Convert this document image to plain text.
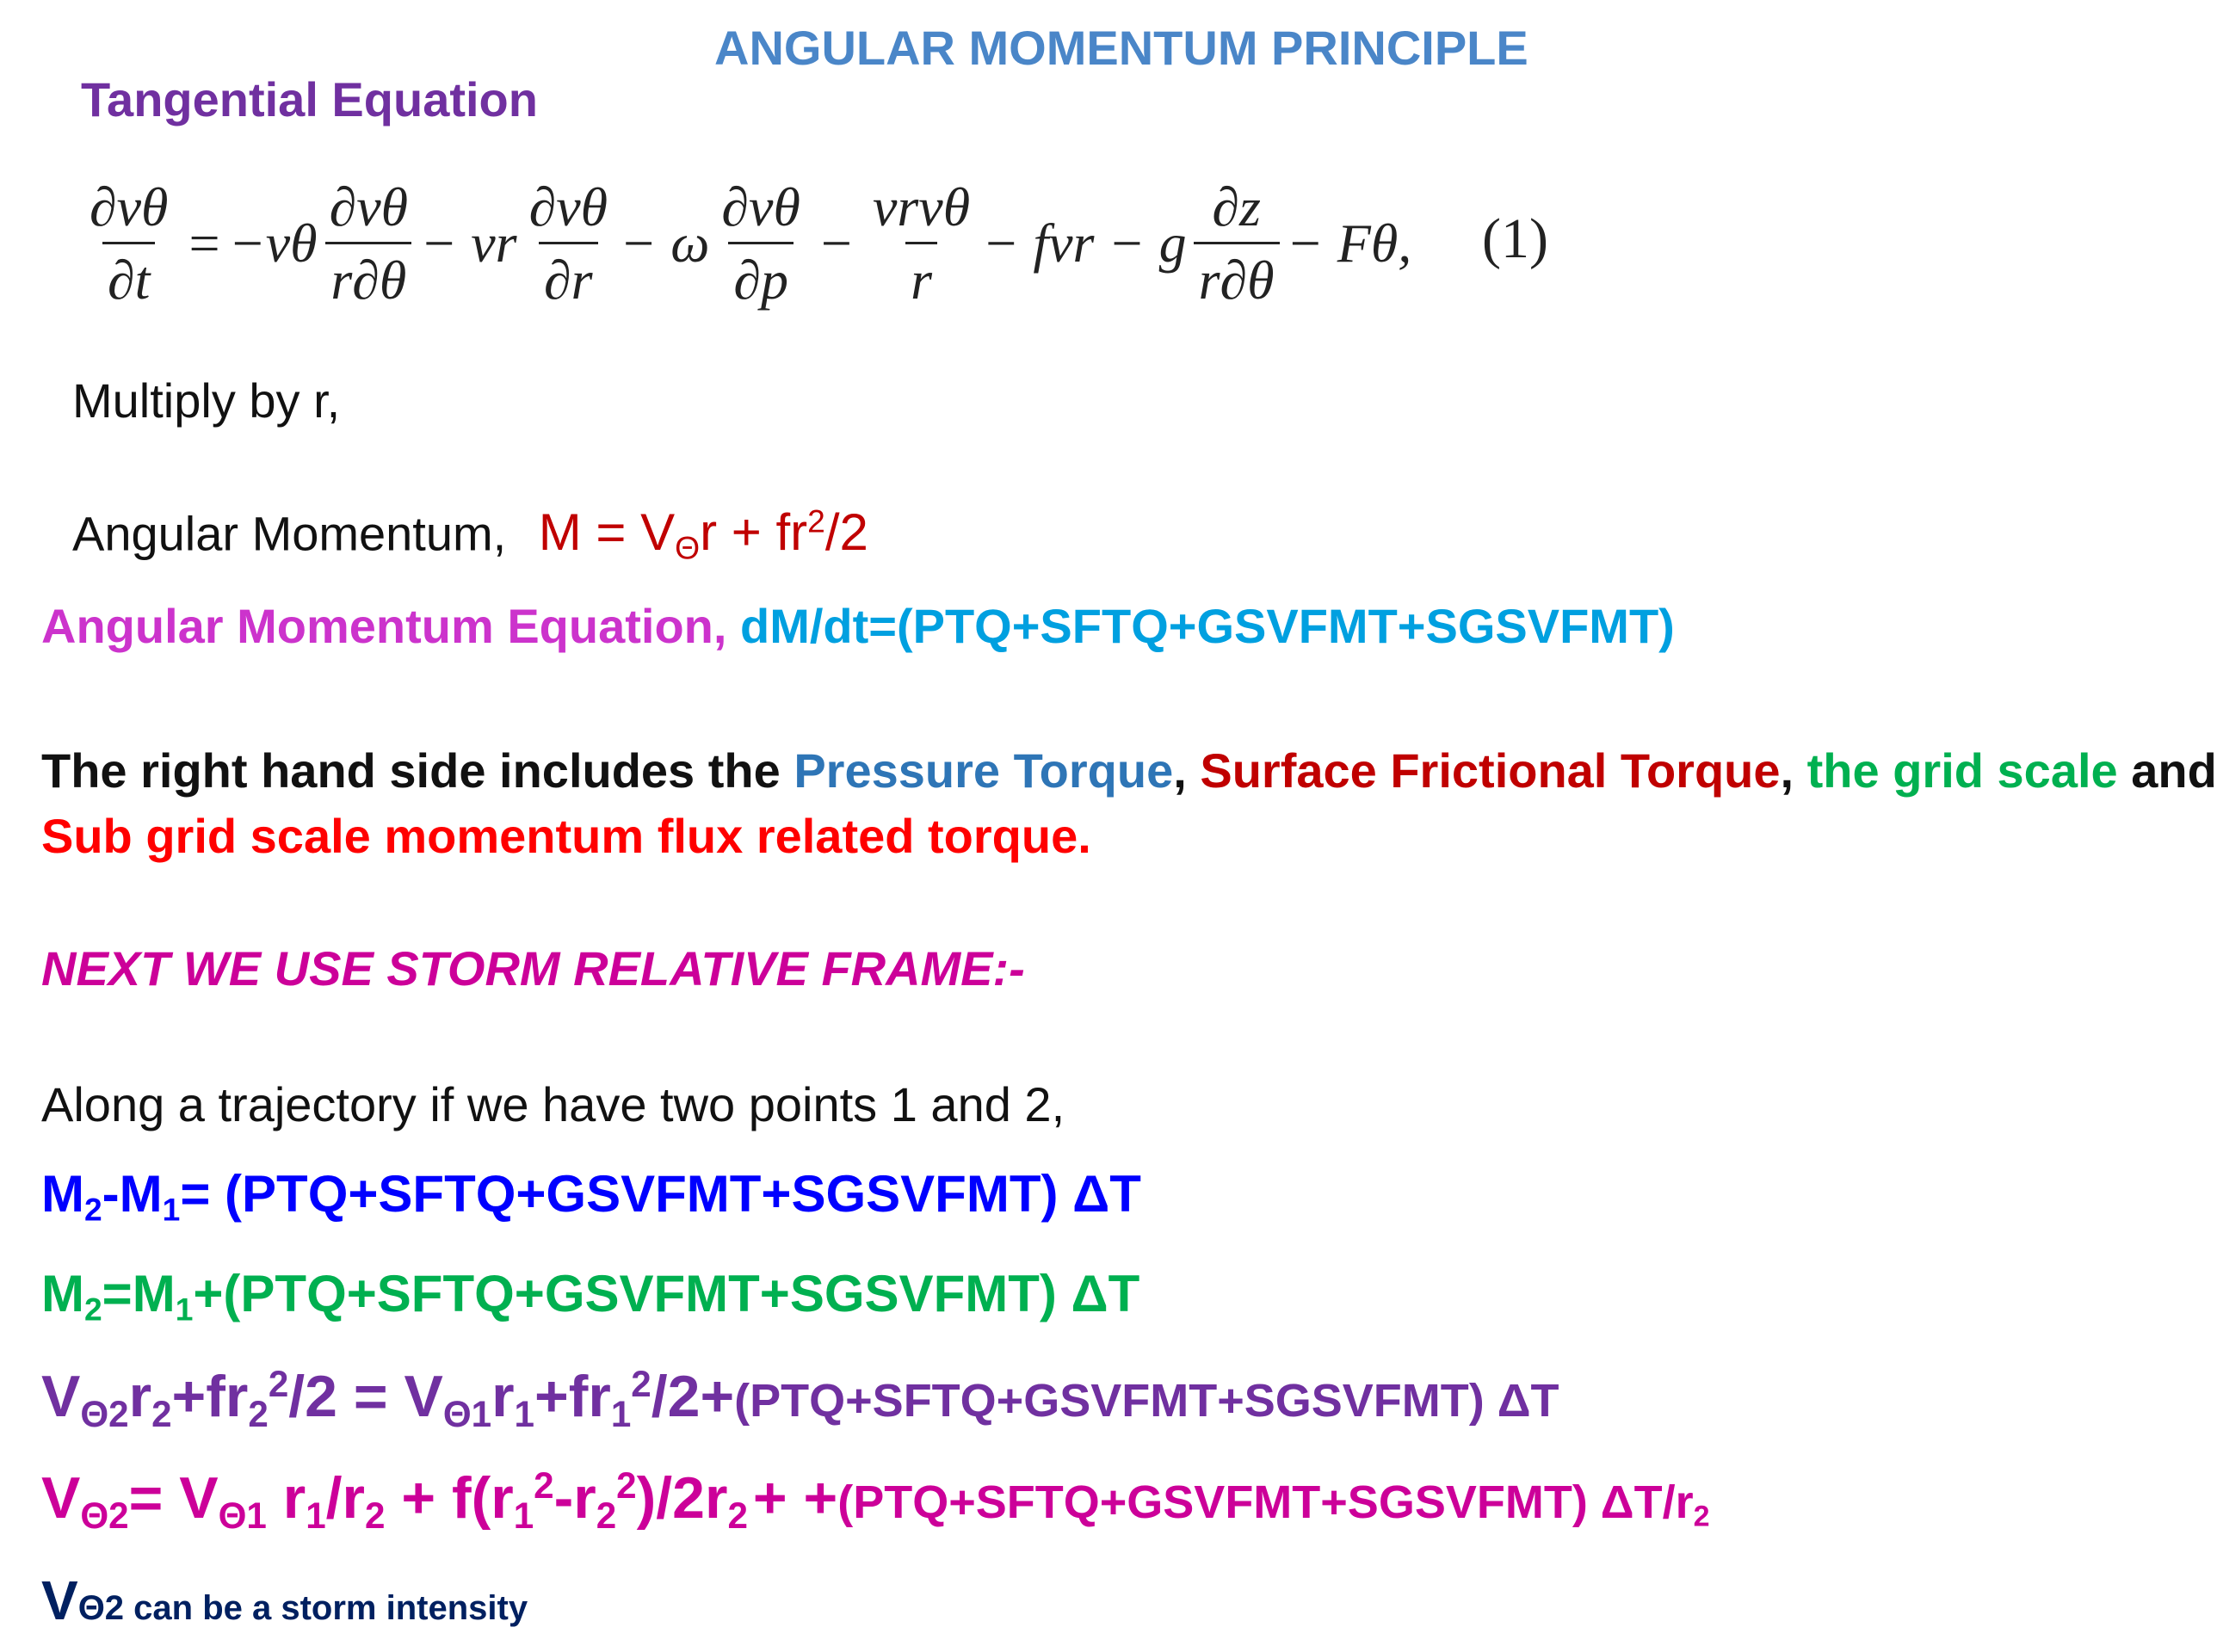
ANGULAR MOMENTUM PRINCIPLE
Tangential Equation
$\frac{\partial v\theta}{\partial t} = -v\theta \frac{\partial v\theta}{r\partial\theta}$ − vr $\frac{\partial v\theta}{\partial r} - \omega \frac{\partial v\theta}{\partial p} - \frac{\text{vrvθ}}{r}$ − fvr − g $\frac{\partial z}{r\partial\theta} - F\theta$, (1)
Multiply by r,
Angular Momentum, $M = V_\Theta r + fr^2/2$
Angular Momentum Equation, dM/dt=(PTQ+SFTQ+GSVFMT+SGSVFMT)
The right hand side includes the Pressure Torque, Surface Frictional Torque, the grid scale and
Sub grid scale momentum flux related torque.
NEXT WE USE STORM RELATIVE FRAME:-
Along a trajectory if we have two points 1 and 2,
$M_2-M_1=$ (PTQ+SFTQ+GSVFMT+SGSVFMT) ΔT
$M_2=M_1+(PTQ+SFTQ+GSVFMT+SGSVFMT)$ ΔT
$V_{\Theta 2}r_2+fr_2^2/2$ = $V_{\Theta 1}r_1+fr_1^2/2+(PTQ+SFTQ+GSVFMT+SGSVFMT)$ ΔT
$V_{\Theta 2}= V_{\Theta 1}$ $r_1/r_2 + f(r_1^2-r_2^2)/2r_2+$ +(PTQ+SFTQ+GSVFMT+SGSVFMT) $\Delta T/r_2$
VΘ2 can be a storm intensity
